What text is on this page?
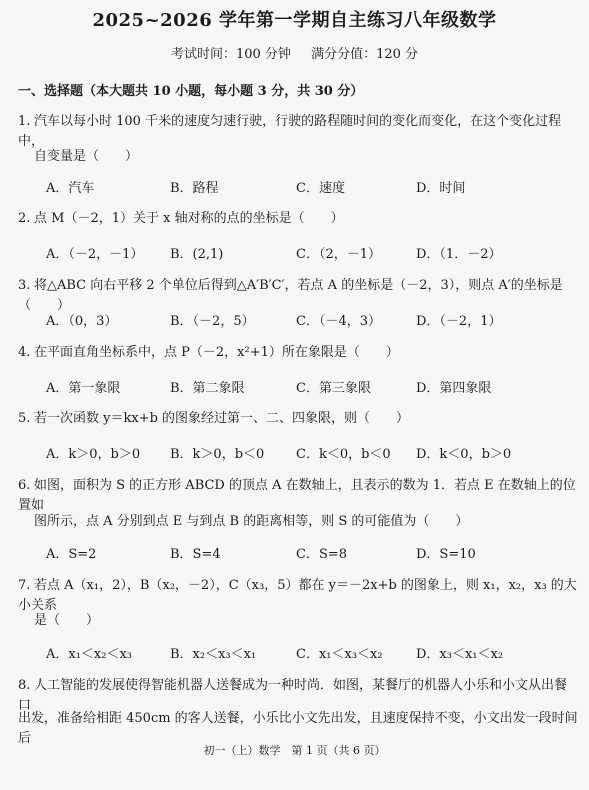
2025~2026 学年第一学期自主练习八年级数学
考试时间：100 分钟 满分分值：120 分
一、选择题（本大题共 10 小题，每小题 3 分，共 30 分）
1. 汽车以每小时 100 千米的速度匀速行驶，行驶的路程随时间的变化而变化，在这个变化过程中，
自变量是（　　）
A．汽车	B．路程	C．速度	D．时间
2. 点 M（－2，1）关于 x 轴对称的点的坐标是（　　）
A．（－2，－1） B．(2,1)	C．（2，－1）	D．（1．－2）
3. 将△ABC 向右平移 2 个单位后得到△A′B′C′，若点 A 的坐标是（－2，3），则点 A′的坐标是（　　）
A．（0，3）	B．（－2，5）	C．（－4，3）	D．（－2，1）
4. 在平面直角坐标系中，点 P（－2，x²+1）所在象限是（　　）
A．第一象限	B．第二象限	C．第三象限	D．第四象限
5. 若一次函数 y＝kx+b 的图象经过第一、二、四象限，则（　　）
A．k＞0，b＞0 B．k＞0，b＜0 C．k＜0，b＜0 D．k＜0，b＞0
6. 如图，面积为 S 的正方形 ABCD 的顶点 A 在数轴上，且表示的数为 1．若点 E 在数轴上的位置如
图所示，点 A 分别到点 E 与到点 B 的距离相等，则 S 的可能值为（　　）
A．S=2	B．S=4	C．S=8	D．S=10
7. 若点 A（x₁，2），B（x₂，－2），C（x₃，5）都在 y＝－2x+b 的图象上，则 x₁，x₂，x₃ 的大小关系
是（　　）
A．x₁＜x₂＜x₃	B．x₂＜x₃＜x₁	C．x₁＜x₃＜x₂	D．x₃＜x₁＜x₂
8. 人工智能的发展使得智能机器人送餐成为一种时尚．如图，某餐厅的机器人小乐和小文从出餐口
出发，准备给相距 450cm 的客人送餐，小乐比小文先出发，且速度保持不变，小文出发一段时间后
初一（上）数学　第 1 页（共 6 页）
